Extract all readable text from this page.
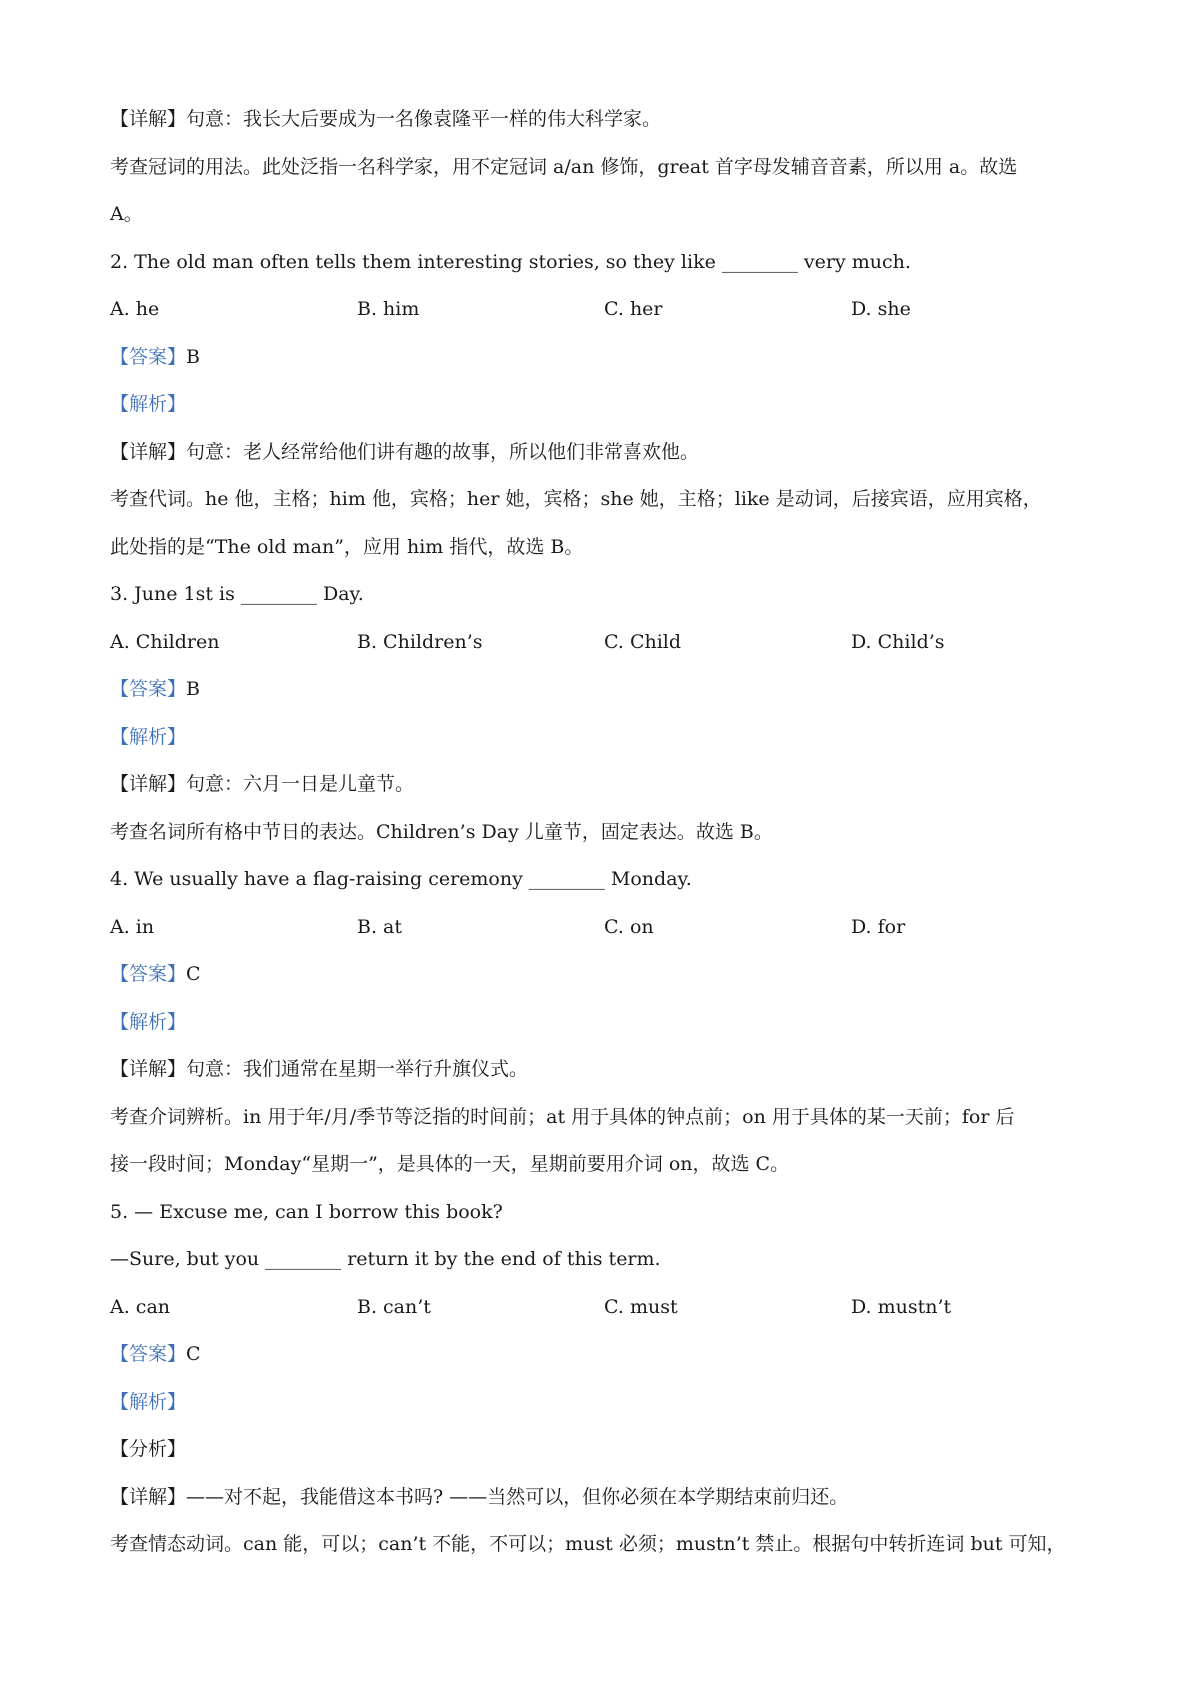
【详解】句意：我长大后要成为一名像袁隆平一样的伟大科学家。
考查冠词的用法。此处泛指一名科学家，用不定冠词 a/an 修饰，great 首字母发辅音音素，所以用 a。故选
A。
2. The old man often tells them interesting stories, so they like ________ very much.
A. he	B. him	C. her	D. she
【答案】B
【解析】
【详解】句意：老人经常给他们讲有趣的故事，所以他们非常喜欢他。
考查代词。he 他，主格；him 他，宾格；her 她，宾格；she 她，主格；like 是动词，后接宾语，应用宾格，
此处指的是“The old man”，应用 him 指代，故选 B。
3. June 1st is ________ Day.
A. Children	B. Children’s	C. Child	D. Child’s
【答案】B
【解析】
【详解】句意：六月一日是儿童节。
考查名词所有格中节日的表达。Children’s Day 儿童节，固定表达。故选 B。
4. We usually have a flag-raising ceremony ________ Monday.
A. in	B. at	C. on	D. for
【答案】C
【解析】
【详解】句意：我们通常在星期一举行升旗仪式。
考查介词辨析。in 用于年/月/季节等泛指的时间前；at 用于具体的钟点前；on 用于具体的某一天前；for 后
接一段时间；Monday“星期一”，是具体的一天，星期前要用介词 on，故选 C。
5. — Excuse me, can I borrow this book?
—Sure, but you ________ return it by the end of this term.
A. can	B. can’t	C. must	D. mustn’t
【答案】C
【解析】
【分析】
【详解】——对不起，我能借这本书吗? ——当然可以，但你必须在本学期结束前归还。
考查情态动词。can 能，可以；can’t 不能，不可以；must 必须；mustn’t 禁止。根据句中转折连词 but 可知，
